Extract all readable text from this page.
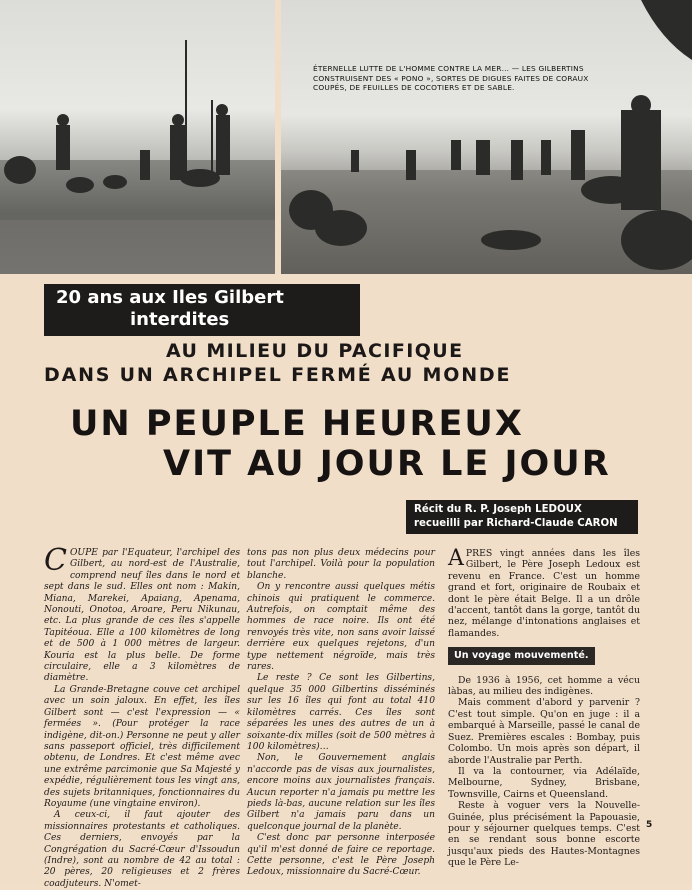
ÉTERNELLE LUTTE DE L'HOMME CONTRE LA MER… — LES GILBERTINS CONSTRUISENT DES « PONO », SORTES DE DIGUES FAITES DE CORAUX COUPÉS, DE FEUILLES DE COCOTIERS ET DE SABLE.
20 ans aux Iles Gilbert
interdites
AU MILIEU DU PACIFIQUE
DANS UN ARCHIPEL FERMÉ AU MONDE
UN PEUPLE HEUREUX
VIT AU JOUR LE JOUR
Récit du R. P. Joseph LEDOUX
recueilli par Richard-Claude CARON

COUPE par l'Equateur, l'archipel des Gilbert, au nord-est de l'Australie, comprend neuf îles dans le nord et sept dans le sud. Elles ont nom : Makin, Miana, Marekei, Apaiang, Apenama, Nonouti, Onotoa, Aroare, Peru Nikunau, etc. La plus grande de ces îles s'appelle Tapitéoua. Elle a 100 kilomètres de long et de 500 à 1 000 mètres de largeur. Kouria est la plus belle. De forme circulaire, elle a 3 kilomètres de diamètre.

La Grande-Bretagne couve cet archipel avec un soin jaloux. En effet, les îles Gilbert sont — c'est l'expression — « fermées ». (Pour protéger la race indigène, dit-on.) Personne ne peut y aller sans passeport officiel, très difficilement obtenu, de Londres. Et c'est même avec une extrême parcimonie que Sa Majesté y expédie, régulièrement tous les vingt ans, des sujets britanniques, fonctionnaires du Royaume (une vingtaine environ).

A ceux-ci, il faut ajouter des missionnaires protestants et catholiques. Ces derniers, envoyés par la Congrégation du Sacré-Cœur d'Issoudun (Indre), sont au nombre de 42 au total : 20 pères, 20 religieuses et 2 frères coadjuteurs. N'omet-

tons pas non plus deux médecins pour tout l'archipel. Voilà pour la population blanche.

On y rencontre aussi quelques métis chinois qui pratiquent le commerce. Autrefois, on comptait même des hommes de race noire. Ils ont été renvoyés très vite, non sans avoir laissé derrière eux quelques rejetons, d'un type nettement négroïde, mais très rares.

Le reste ? Ce sont les Gilbertins, quelque 35 000 Gilbertins disséminés sur les 16 îles qui font au total 410 kilomètres carrés. Ces îles sont séparées les unes des autres de un à soixante-dix milles (soit de 500 mètres à 100 kilomètres)…

Non, le Gouvernement anglais n'accorde pas de visas aux journalistes, encore moins aux journalistes français. Aucun reporter n'a jamais pu mettre les pieds là-bas, aucune relation sur les îles Gilbert n'a jamais paru dans un quelconque journal de la planète.

C'est donc par personne interposée qu'il m'est donné de faire ce reportage. Cette personne, c'est le Père Joseph Ledoux, missionnaire du Sacré-Cœur.

APRES vingt années dans les îles Gilbert, le Père Joseph Ledoux est revenu en France. C'est un homme grand et fort, originaire de Roubaix et dont le père était Belge. Il a un drôle d'accent, tantôt dans la gorge, tantôt du nez, mélange d'intonations anglaises et flamandes.

Un voyage mouvementé.

De 1936 à 1956, cet homme a vécu làbas, au milieu des indigènes.

Mais comment d'abord y parvenir ? C'est tout simple. Qu'on en juge : il a embarqué à Marseille, passé le canal de Suez. Premières escales : Bombay, puis Colombo. Un mois après son départ, il aborde l'Australie par Perth.

Il va la contourner, via Adélaïde, Melbourne, Sydney, Brisbane, Townsville, Cairns et Queensland.

Reste à voguer vers la Nouvelle-Guinée, plus précisément la Papouasie, pour y séjourner quelques temps. C'est en se rendant sous bonne escorte jusqu'aux pieds des Hautes-Montagnes que le Père Le-

5
